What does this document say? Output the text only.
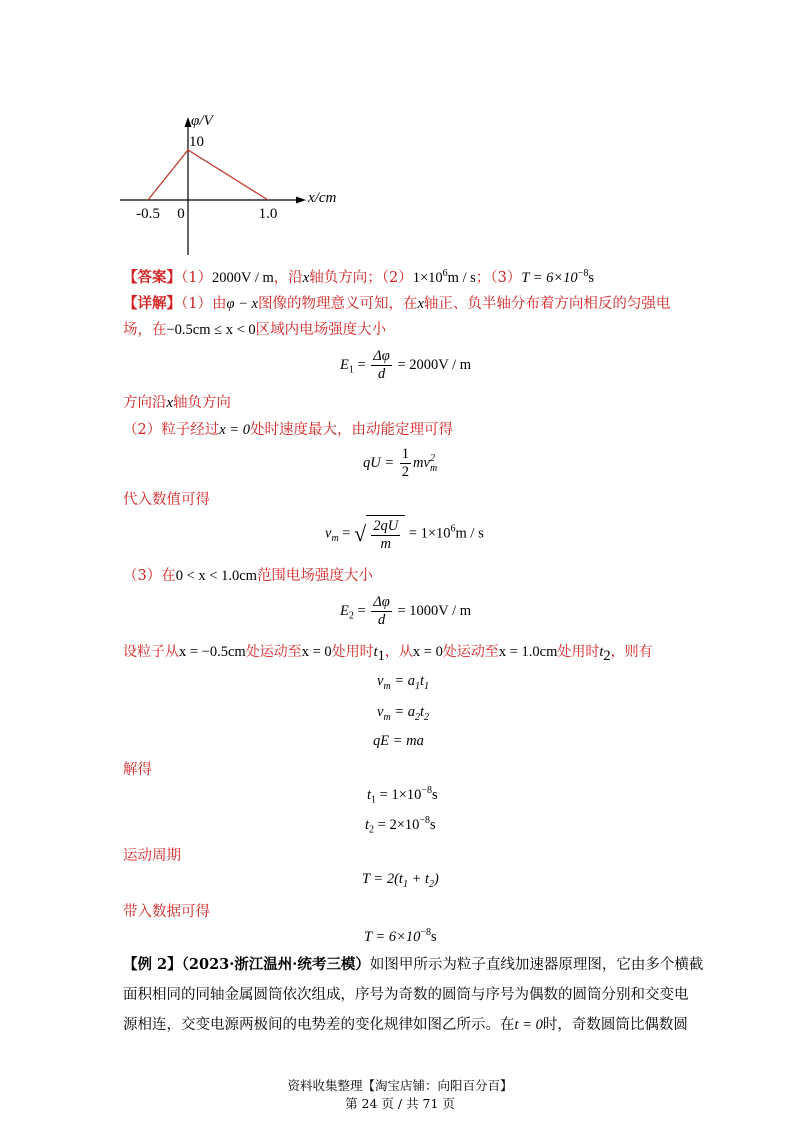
φ/V
x/cm
-0.5 0	1.0
10
【答案】（1）2000V / m，沿x轴负方向；$(2)1\times 10^6m / s$；$(3)T = 6\times 10^{-8}s$
【详解】（1）由φ − x图像的物理意义可知，在x轴正、负半轴分布着方向相反的匀强电
场，在−0.5cm ≤ x < 0区域内电场强度大小
$E_1 = \frac{\Delta\varphi}{d} = 2000V / m$
方向沿x轴负方向
（2）粒子经过x = 0处时速度最大，由动能定理可得
qU = $\frac{1}{2}$ mv 2
m
代入数值可得
$v_m$ = √ $\frac{2qU}{m} = 1\times 10^6m / s$
（3）在0 < x < 1.0cm范围电场强度大小
$E_2 = \frac{\Delta\varphi}{d} = 1000V / m$
设粒子从x = −0.5cm处运动至x = 0处用时$t_1$，从x = 0处运动至x = 1.0cm处用时$t_2$，则有
$v_m = a_1t_1$
$v_m = a_2t_2$
qE = ma
解得
$t_1 = 1\times 10^{-8}s$
$t_2 = 2\times 10^{-8}s$
运动周期
$T = 2(t_1 + t_2)$
带入数据可得
$T = 6\times 10^{-8}s$
【例 2】（2023·浙江温州·统考三模）如图甲所示为粒子直线加速器原理图，它由多个横截
面积相同的同轴金属圆筒依次组成，序号为奇数的圆筒与序号为偶数的圆筒分别和交变电
源相连，交变电源两极间的电势差的变化规律如图乙所示。在t = 0时，奇数圆筒比偶数圆
资料收集整理【淘宝店铺：向阳百分百】
第 24 页 / 共 71 页
